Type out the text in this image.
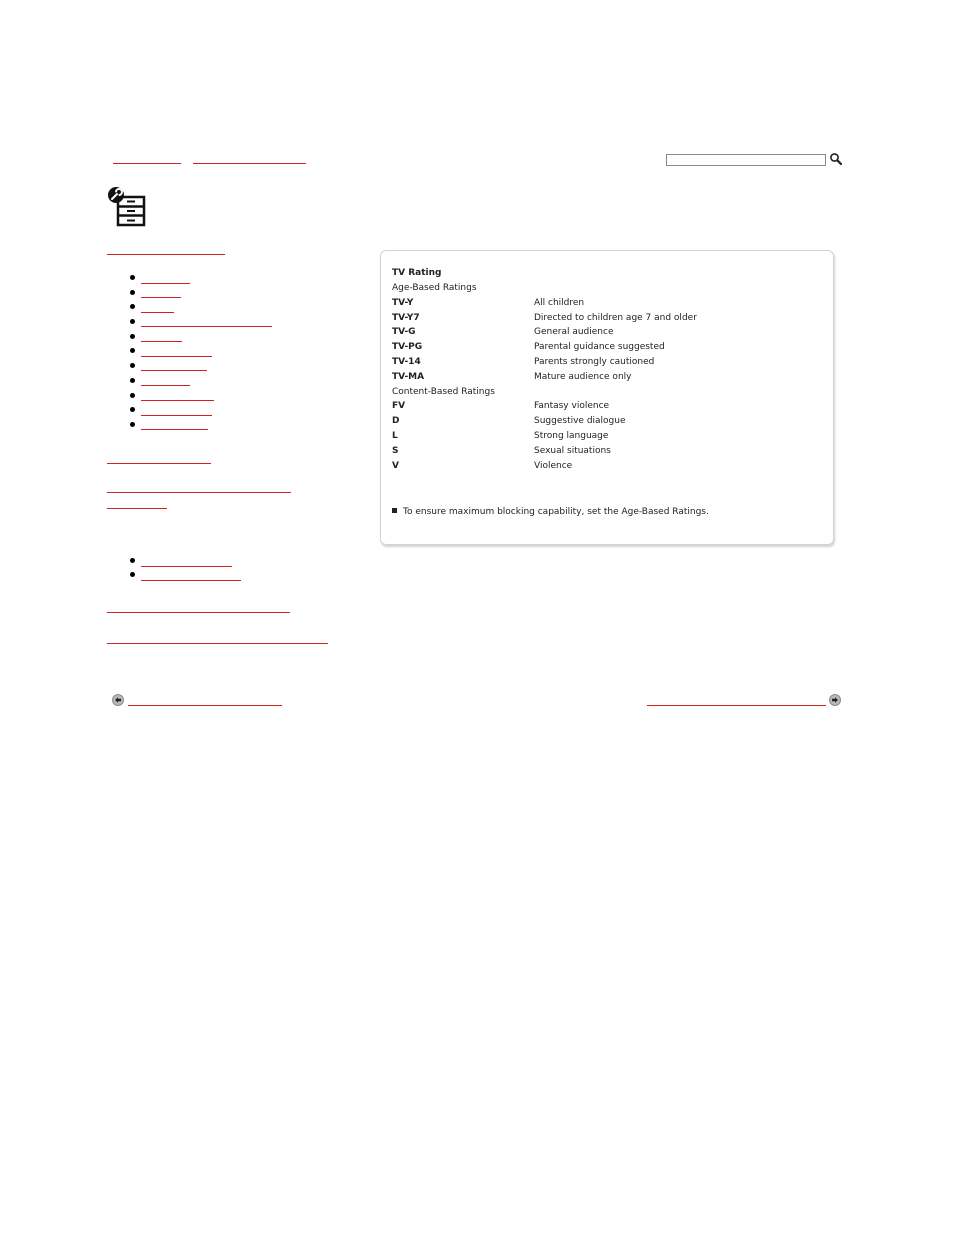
TV Rating
Age-Based Ratings
TV-Y	All children
TV-Y7	Directed to children age 7 and older
TV-G	General audience
TV-PG	Parental guidance suggested
TV-14	Parents strongly cautioned
TV-MA	Mature audience only
Content-Based Ratings
FV	Fantasy violence
D	Suggestive dialogue
L	Strong language
S	Sexual situations
V	Violence
To ensure maximum blocking capability, set the Age-Based Ratings.
